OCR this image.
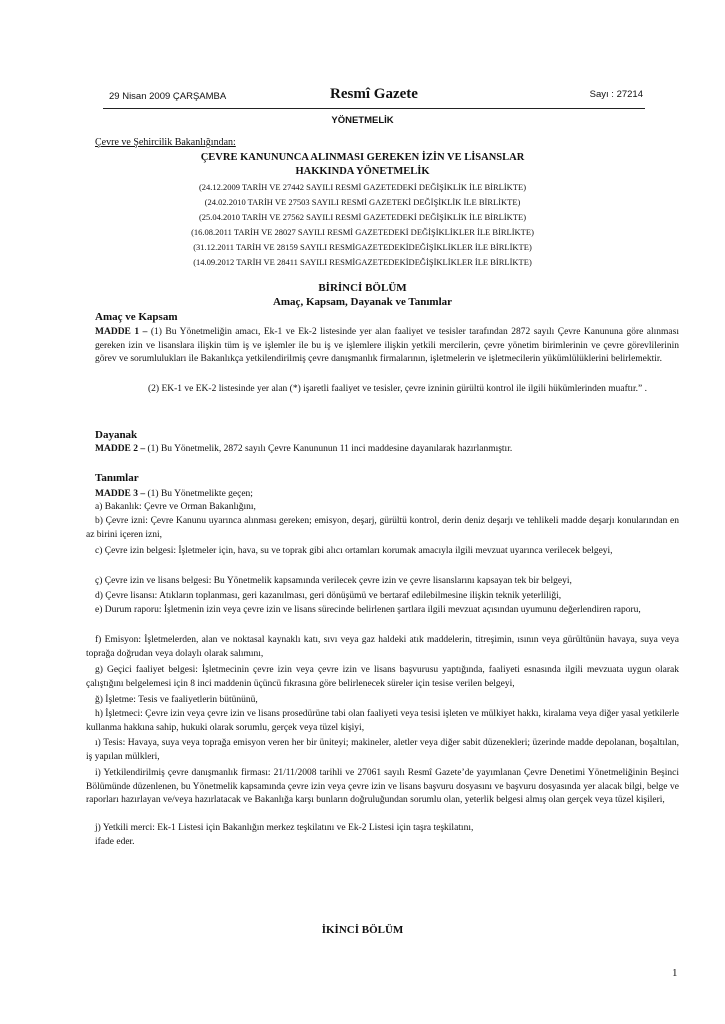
29 Nisan 2009 ÇARŞAMBA	Resmî Gazete	Sayı : 27214
YÖNETMELİK
Çevre ve Şehircilik Bakanlığından:
ÇEVRE KANUNUNCA ALINMASI GEREKEN İZİN VE LİSANSLAR
HAKKINDA YÖNETMELİK
(24.12.2009 TARİH VE 27442 SAYILI RESMİ GAZETEDEKİ DEĞİŞİKLİK İLE BİRLİKTE)
(24.02.2010 TARİH VE 27503 SAYILI RESMİ GAZETEKİ DEĞİŞİKLİK İLE BİRLİKTE)
(25.04.2010 TARİH VE 27562 SAYILI RESMİ GAZETEDEKİ DEĞİŞİKLİK İLE BİRLİKTE)
(16.08.2011 TARİH VE 28027 SAYILI RESMİ GAZETEDEKİ DEĞİŞİKLİKLER İLE BİRLİKTE)
(31.12.2011 TARİH VE 28159 SAYILI RESMİGAZETEDEKİDEĞİŞİKLİKLER İLE BİRLİKTE)
(14.09.2012 TARİH VE 28411 SAYILI RESMİGAZETEDEKİDEĞİŞİKLİKLER İLE BİRLİKTE)
BİRİNCİ BÖLÜM
Amaç, Kapsam, Dayanak ve Tanımlar
Amaç ve Kapsam
MADDE 1 – (1) Bu Yönetmeliğin amacı, Ek-1 ve Ek-2 listesinde yer alan faaliyet ve tesisler tarafından 2872 sayılı Çevre Kanununa göre alınması gereken izin ve lisanslara ilişkin tüm iş ve işlemler ile bu iş ve işlemlere ilişkin yetkili mercilerin, çevre yönetim birimlerinin ve çevre görevlilerinin görev ve sorumlulukları ile Bakanlıkça yetkilendirilmiş çevre danışmanlık firmalarının, işletmelerin ve işletmecilerin yükümlülüklerini belirlemektir.
(2) EK-1 ve EK-2 listesinde yer alan (*) işaretli faaliyet ve tesisler, çevre izninin gürültü kontrol ile ilgili hükümlerinden muaftır.” .
Dayanak
MADDE 2 – (1) Bu Yönetmelik, 2872 sayılı Çevre Kanununun 11 inci maddesine dayanılarak hazırlanmıştır.
Tanımlar
MADDE 3 – (1) Bu Yönetmelikte geçen;
a) Bakanlık: Çevre ve Orman Bakanlığını,
b) Çevre izni: Çevre Kanunu uyarınca alınması gereken; emisyon, deşarj, gürültü kontrol, derin deniz deşarjı ve tehlikeli madde deşarjı konularından en az birini içeren izni,
c) Çevre izin belgesi: İşletmeler için, hava, su ve toprak gibi alıcı ortamları korumak amacıyla ilgili mevzuat uyarınca verilecek belgeyi,
ç) Çevre izin ve lisans belgesi: Bu Yönetmelik kapsamında verilecek çevre izin ve çevre lisanslarını kapsayan tek bir belgeyi,
d) Çevre lisansı: Atıkların toplanması, geri kazanılması, geri dönüşümü ve bertaraf edilebilmesine ilişkin teknik yeterliliği,
e) Durum raporu: İşletmenin izin veya çevre izin ve lisans sürecinde belirlenen şartlara ilgili mevzuat açısından uyumunu değerlendiren raporu,
f) Emisyon: İşletmelerden, alan ve noktasal kaynaklı katı, sıvı veya gaz haldeki atık maddelerin, titreşimin, ısının veya gürültünün havaya, suya veya toprağa doğrudan veya dolaylı olarak salımını,
g) Geçici faaliyet belgesi: İşletmecinin çevre izin veya çevre izin ve lisans başvurusu yaptığında, faaliyeti esnasında ilgili mevzuata uygun olarak çalıştığını belgelemesi için 8 inci maddenin üçüncü fıkrasına göre belirlenecek süreler için tesise verilen belgeyi,
ğ) İşletme: Tesis ve faaliyetlerin bütününü,
h) İşletmeci: Çevre izin veya çevre izin ve lisans prosedürüne tabi olan faaliyeti veya tesisi işleten ve mülkiyet hakkı, kiralama veya diğer yasal yetkilerle kullanma hakkına sahip, hukuki olarak sorumlu, gerçek veya tüzel kişiyi,
ı) Tesis: Havaya, suya veya toprağa emisyon veren her bir üniteyi; makineler, aletler veya diğer sabit düzenekleri; üzerinde madde depolanan, boşaltılan, iş yapılan mülkleri,
i) Yetkilendirilmiş çevre danışmanlık firması: 21/11/2008 tarihli ve 27061 sayılı Resmî Gazete’de yayımlanan Çevre Denetimi Yönetmeliğinin Beşinci Bölümünde düzenlenen, bu Yönetmelik kapsamında çevre izin veya çevre izin ve lisans başvuru dosyasını ve başvuru dosyasında yer alacak bilgi, belge ve raporları hazırlayan ve/veya hazırlatacak ve Bakanlığa karşı bunların doğruluğundan sorumlu olan, yeterlik belgesi almış olan gerçek veya tüzel kişileri,
j) Yetkili merci: Ek-1 Listesi için Bakanlığın merkez teşkilatını ve Ek-2 Listesi için taşra teşkilatını,
ifade eder.
İKİNCİ BÖLÜM
1
